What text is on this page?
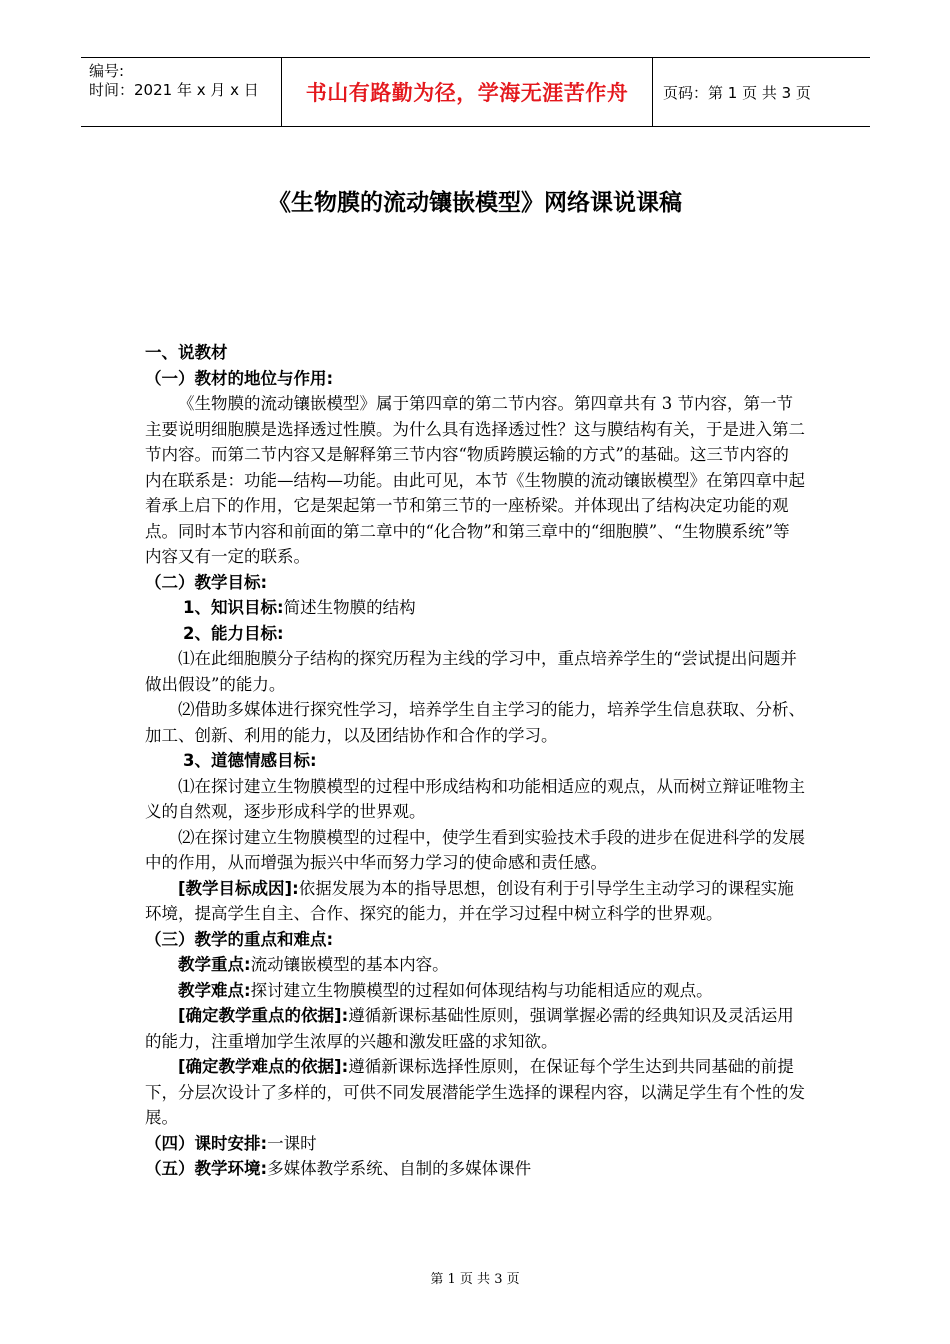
编号:
时间：2021 年 x 月 x 日	书山有路勤为径，学海无涯苦作舟 页码：第 1 页 共 3 页
《生物膜的流动镶嵌模型》网络课说课稿

一、说教材

（一）教材的地位与作用:

《生物膜的流动镶嵌模型》属于第四章的第二节内容。第四章共有 3 节内容，第一节主要说明细胞膜是选择透过性膜。为什么具有选择透过性？这与膜结构有关，于是进入第二节内容。而第二节内容又是解释第三节内容“物质跨膜运输的方式”的基础。这三节内容的内在联系是：功能—结构—功能。由此可见，本节《生物膜的流动镶嵌模型》在第四章中起着承上启下的作用，它是架起第一节和第三节的一座桥梁。并体现出了结构决定功能的观点。同时本节内容和前面的第二章中的“化合物”和第三章中的“细胞膜”、“生物膜系统”等内容又有一定的联系。

（二）教学目标:

1、知识目标:简述生物膜的结构

2、能力目标:

⑴在此细胞膜分子结构的探究历程为主线的学习中，重点培养学生的“尝试提出问题并做出假设”的能力。

⑵借助多媒体进行探究性学习，培养学生自主学习的能力，培养学生信息获取、分析、加工、创新、利用的能力，以及团结协作和合作的学习。

3、道德情感目标:

⑴在探讨建立生物膜模型的过程中形成结构和功能相适应的观点，从而树立辩证唯物主义的自然观，逐步形成科学的世界观。

⑵在探讨建立生物膜模型的过程中，使学生看到实验技术手段的进步在促进科学的发展中的作用，从而增强为振兴中华而努力学习的使命感和责任感。

[教学目标成因]:依据发展为本的指导思想，创设有利于引导学生主动学习的课程实施环境，提高学生自主、合作、探究的能力，并在学习过程中树立科学的世界观。

（三）教学的重点和难点:

教学重点:流动镶嵌模型的基本内容。

教学难点:探讨建立生物膜模型的过程如何体现结构与功能相适应的观点。

[确定教学重点的依据]:遵循新课标基础性原则，强调掌握必需的经典知识及灵活运用的能力，注重增加学生浓厚的兴趣和激发旺盛的求知欲。

[确定教学难点的依据]:遵循新课标选择性原则，在保证每个学生达到共同基础的前提下，分层次设计了多样的，可供不同发展潜能学生选择的课程内容，以满足学生有个性的发展。

（四）课时安排:一课时

（五）教学环境:多媒体教学系统、自制的多媒体课件

第 1 页 共 3 页
